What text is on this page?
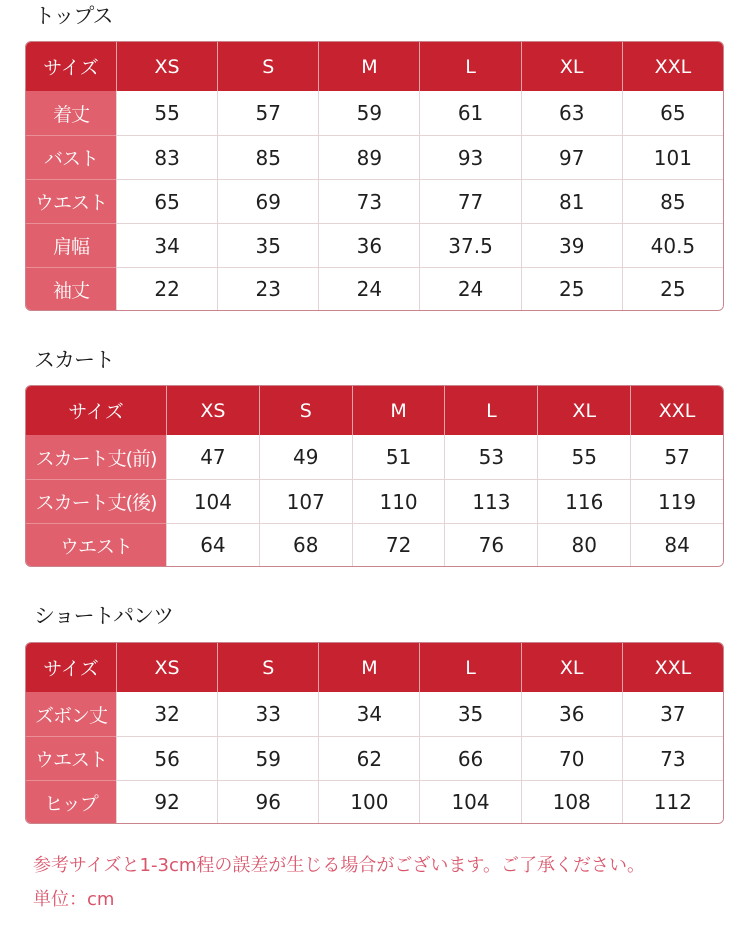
トップス
サイズ	XS	S	M	L	XL	XXL
着丈	55	57	59	61	63	65
バスト	83	85	89	93	97	101
ウエスト	65	69	73	77	81	85
肩幅	34	35	36	37.5	39	40.5
袖丈	22	23	24	24	25	25
スカート
サイズ	XS	S	M	L	XL	XXL
スカート丈(前)	47	49	51	53	55	57
スカート丈(後)	104	107	110	113	116	119
ウエスト	64	68	72	76	80	84
ショートパンツ
サイズ	XS	S	M	L	XL	XXL
ズボン丈	32	33	34	35	36	37
ウエスト	56	59	62	66	70	73
ヒップ	92	96	100	104	108	112
参考サイズと1-3cm程の誤差が生じる場合がございます。ご了承ください。
単位：cm
